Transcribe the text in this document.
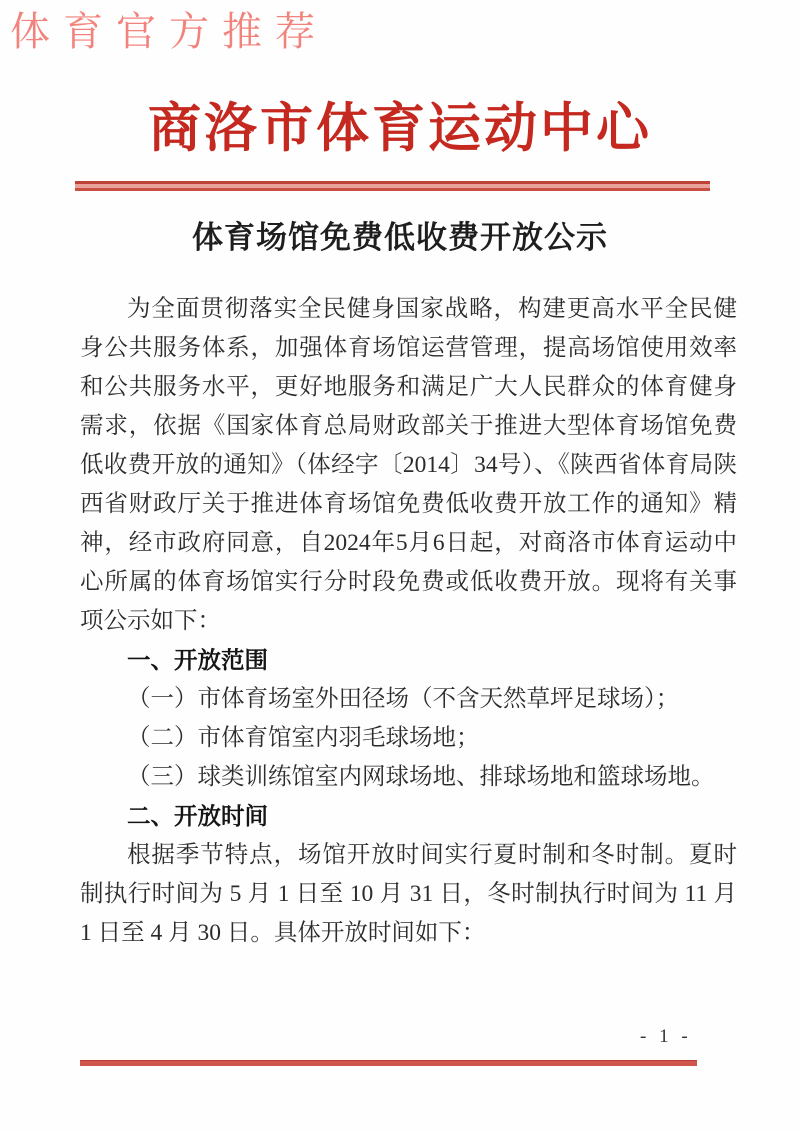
体育官方推荐
商洛市体育运动中心
体育场馆免费低收费开放公示

为全面贯彻落实全民健身国家战略，构建更高水平全民健身公共服务体系，加强体育场馆运营管理，提高场馆使用效率和公共服务水平，更好地服务和满足广大人民群众的体育健身需求，依据《国家体育总局财政部关于推进大型体育场馆免费低收费开放的通知》（体经字〔2014〕34号）、《陕西省体育局陕西省财政厅关于推进体育场馆免费低收费开放工作的通知》精神，经市政府同意，自2024年5月6日起，对商洛市体育运动中心所属的体育场馆实行分时段免费或低收费开放。现将有关事项公示如下：

一、开放范围

（一）市体育场室外田径场（不含天然草坪足球场）；

（二）市体育馆室内羽毛球场地；

（三）球类训练馆室内网球场地、排球场地和篮球场地。

二、开放时间

根据季节特点，场馆开放时间实行夏时制和冬时制。夏时制执行时间为 5 月 1 日至 10 月 31 日，冬时制执行时间为 11 月 1 日至 4 月 30 日。具体开放时间如下：

- 1 -
